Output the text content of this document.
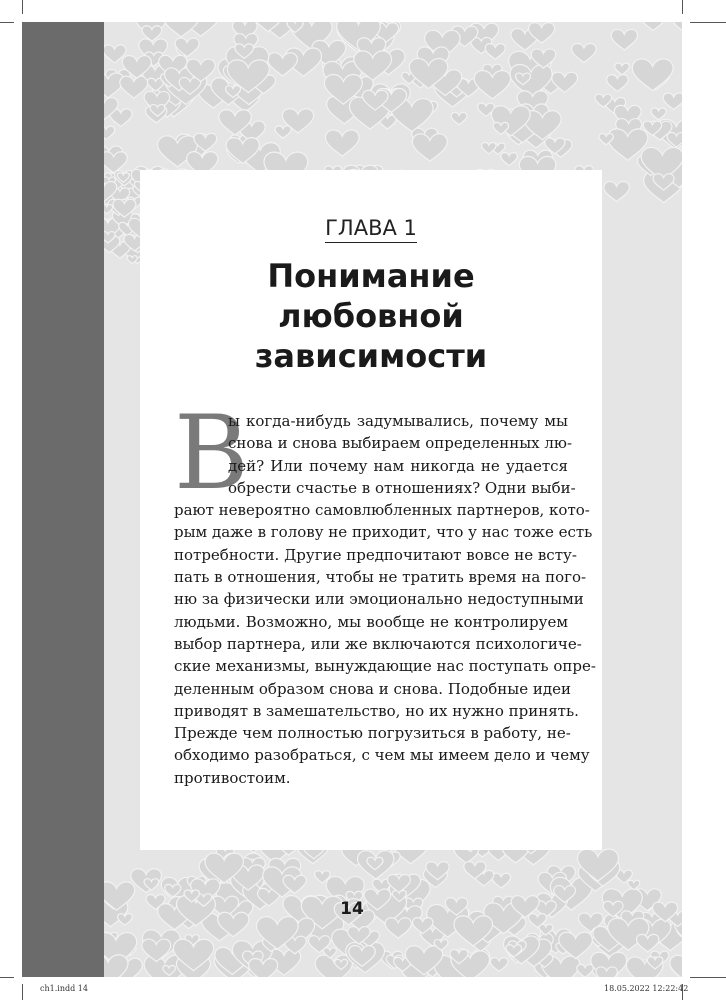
ГЛАВА 1
Понимание
любовной
зависимости
В
ы когда-нибудь задумывались, почему мы
снова и снова выбираем определенных лю-
дей? Или почему нам никогда не удается
обрести счастье в отношениях? Одни выби-
рают невероятно самовлюбленных партнеров, кото-
рым даже в голову не приходит, что у нас тоже есть
потребности. Другие предпочитают вовсе не всту-
пать в отношения, чтобы не тратить время на пого-
ню за физически или эмоционально недоступными
людьми. Возможно, мы вообще не контролируем
выбор партнера, или же включаются психологиче-
ские механизмы, вынуждающие нас поступать опре-
деленным образом снова и снова. Подобные идеи
приводят в замешательство, но их нужно принять.
Прежде чем полностью погрузиться в работу, не-
обходимо разобраться, с чем мы имеем дело и чему
противостоим.
14
ch1.indd 14	18.05.2022 12:22:42
